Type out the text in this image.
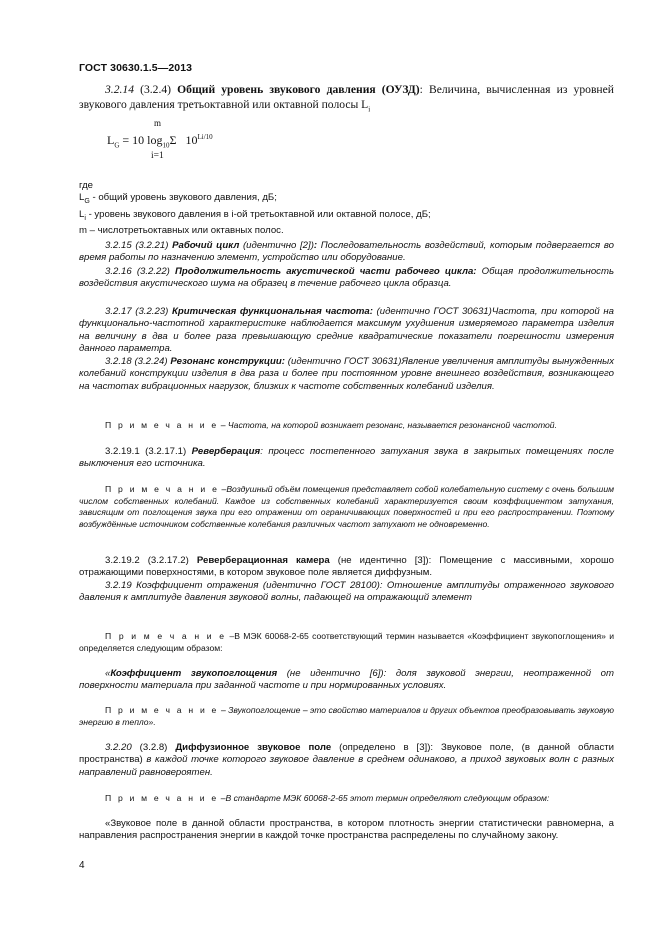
ГОСТ 30630.1.5—2013
3.2.14 (3.2.4) Общий уровень звукового давления (ОУЗД): Величина, вычисленная из уровней звукового давления третьоктавной или октавной полосы $L_i$
m
$L_G = 10$ $\log_{10}\Sigma$ $10^{Li/10}$
i=1
где
$L_G$ - общий уровень звукового давления, дБ;
$L_i$ - уровень звукового давления в i-ой третьоктавной или октавной полосе, дБ;
m – числотретьоктавных или октавных полос.
3.2.15 (3.2.21) Рабочий цикл (идентично [2]): Последовательность воздействий, которым подвергается во время работы по назначению элемент, устройство или оборудование.
3.2.16 (3.2.22) Продолжительность акустической части рабочего цикла: Общая продолжительность воздействия акустического шума на образец в течение рабочего цикла образца.
3.2.17 (3.2.23) Критическая функциональная частота: (идентично ГОСТ 30631)Частота, при которой на функционально-частотной характеристике наблюдается максимум ухудшения измеряемого параметра изделия на величину в два и более раза превышающую средние квадратические показатели погрешности измерения данного параметра.
3.2.18 (3.2.24) Резонанс конструкции: (идентично ГОСТ 30631)Явление увеличения амплитуды вынужденных колебаний конструкции изделия в два раза и более при постоянном уровне внешнего воздействия, возникающего на частотах вибрационных нагрузок, близких к частоте собственных колебаний изделия.
П р и м е ч а н и е – Частота, на которой возникает резонанс, называется резонансной частотой.
3.2.19.1 (3.2.17.1) Реверберация: процесс постепенного затухания звука в закрытых помещениях после выключения его источника.
П р и м е ч а н и е –Воздушный объём помещения представляет собой колебательную систему с очень большим числом собственных колебаний. Каждое из собственных колебаний характеризуется своим коэффициентом затухания, зависящим от поглощения звука при его отражении от ограничивающих поверхностей и при его распространении. Поэтому возбуждённые источником собственные колебания различных частот затухают не одновременно.
3.2.19.2 (3.2.17.2) Реверберационная камера (не идентично [3]): Помещение с массивными, хорошо отражающими поверхностями, в котором звуковое поле является диффузным.
3.2.19 Коэффициент отражения (идентично ГОСТ 28100): Отношение амплитуды отраженного звукового давления к амплитуде давления звуковой волны, падающей на отражающий элемент
П р и м е ч а н и е –В МЭК 60068-2-65 соответствующий термин называется «Коэффициент звукопоглощения» и определяется следующим образом:
«Коэффициент звукопоглощения (не идентично [6]): доля звуковой энергии, неотраженной от поверхности материала при заданной частоте и при нормированных условиях.
П р и м е ч а н и е – Звукопоглощение – это свойство материалов и других объектов преобразовывать звуковую энергию в тепло».
3.2.20 (3.2.8) Диффузионное звуковое поле (определено в [3]): Звуковое поле, (в данной области пространства) в каждой точке которого звуковое давление в среднем одинаково, а приход звуковых волн с разных направлений равновероятен.
П р и м е ч а н и е –В стандарте МЭК 60068-2-65 этот термин определяют следующим образом:
«Звуковое поле в данной области пространства, в котором плотность энергии статистически равномерна, а направления распространения энергии в каждой точке пространства распределены по случайному закону.
4
